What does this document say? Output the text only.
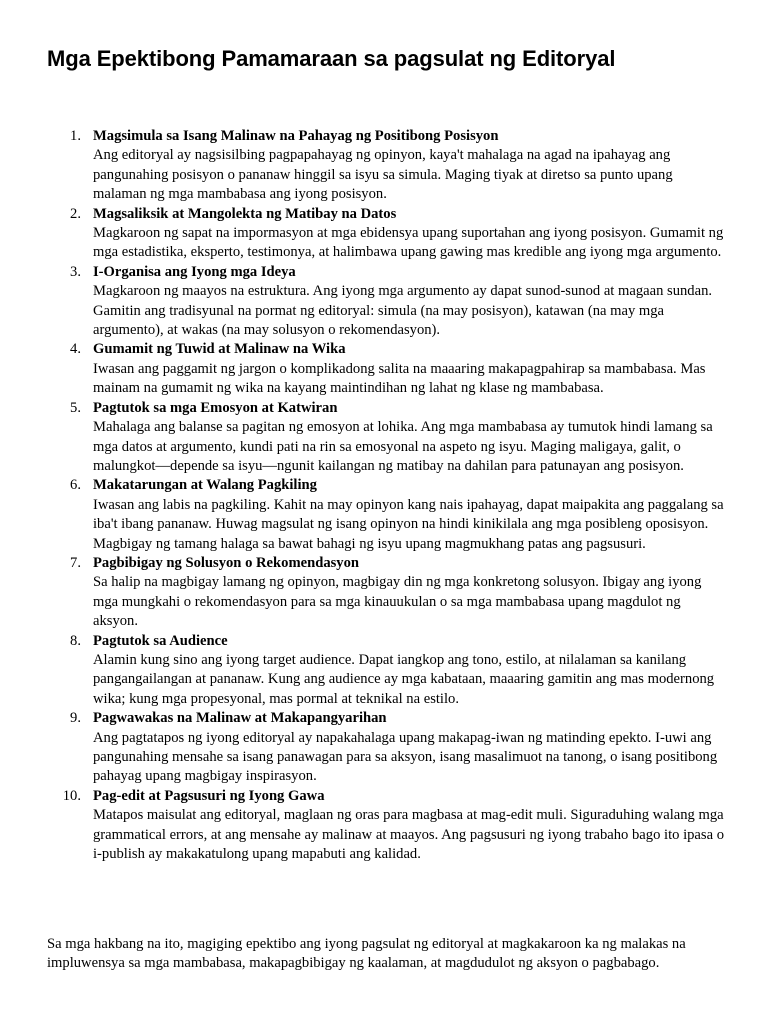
Mga Epektibong Pamamaraan sa pagsulat ng Editoryal
1. Magsimula sa Isang Malinaw na Pahayag ng Positibong Posisyon
Ang editoryal ay nagsisilbing pagpapahayag ng opinyon, kaya't mahalaga na agad na ipahayag ang pangunahing posisyon o pananaw hinggil sa isyu sa simula. Maging tiyak at diretso sa punto upang malaman ng mga mambabasa ang iyong posisyon.
2. Magsaliksik at Mangolekta ng Matibay na Datos
Magkaroon ng sapat na impormasyon at mga ebidensya upang suportahan ang iyong posisyon. Gumamit ng mga estadistika, eksperto, testimonya, at halimbawa upang gawing mas kredible ang iyong mga argumento.
3. I-Organisa ang Iyong mga Ideya
Magkaroon ng maayos na estruktura. Ang iyong mga argumento ay dapat sunod-sunod at magaan sundan. Gamitin ang tradisyunal na pormat ng editoryal: simula (na may posisyon), katawan (na may mga argumento), at wakas (na may solusyon o rekomendasyon).
4. Gumamit ng Tuwid at Malinaw na Wika
Iwasan ang paggamit ng jargon o komplikadong salita na maaaring makapagpahirap sa mambabasa. Mas mainam na gumamit ng wika na kayang maintindihan ng lahat ng klase ng mambabasa.
5. Pagtutok sa mga Emosyon at Katwiran
Mahalaga ang balanse sa pagitan ng emosyon at lohika. Ang mga mambabasa ay tumutok hindi lamang sa mga datos at argumento, kundi pati na rin sa emosyonal na aspeto ng isyu. Maging maligaya, galit, o malungkot—depende sa isyu—ngunit kailangan ng matibay na dahilan para patunayan ang posisyon.
6. Makatarungan at Walang Pagkiling
Iwasan ang labis na pagkiling. Kahit na may opinyon kang nais ipahayag, dapat maipakita ang paggalang sa iba't ibang pananaw. Huwag magsulat ng isang opinyon na hindi kinikilala ang mga posibleng oposisyon. Magbigay ng tamang halaga sa bawat bahagi ng isyu upang magmukhang patas ang pagsusuri.
7. Pagbibigay ng Solusyon o Rekomendasyon
Sa halip na magbigay lamang ng opinyon, magbigay din ng mga konkretong solusyon. Ibigay ang iyong mga mungkahi o rekomendasyon para sa mga kinauukulan o sa mga mambabasa upang magdulot ng aksyon.
8. Pagtutok sa Audience
Alamin kung sino ang iyong target audience. Dapat iangkop ang tono, estilo, at nilalaman sa kanilang pangangailangan at pananaw. Kung ang audience ay mga kabataan, maaaring gamitin ang mas modernong wika; kung mga propesyonal, mas pormal at teknikal na estilo.
9. Pagwawakas na Malinaw at Makapangyarihan
Ang pagtatapos ng iyong editoryal ay napakahalaga upang makapag-iwan ng matinding epekto. I-uwi ang pangunahing mensahe sa isang panawagan para sa aksyon, isang masalimuot na tanong, o isang positibong pahayag upang magbigay inspirasyon.
10. Pag-edit at Pagsusuri ng Iyong Gawa
Matapos maisulat ang editoryal, maglaan ng oras para magbasa at mag-edit muli. Siguraduhing walang mga grammatical errors, at ang mensahe ay malinaw at maayos. Ang pagsusuri ng iyong trabaho bago ito ipasa o i-publish ay makakatulong upang mapabuti ang kalidad.

Sa mga hakbang na ito, magiging epektibo ang iyong pagsulat ng editoryal at magkakaroon ka ng malakas na impluwensya sa mga mambabasa, makapagbibigay ng kaalaman, at magdudulot ng aksyon o pagbabago.
